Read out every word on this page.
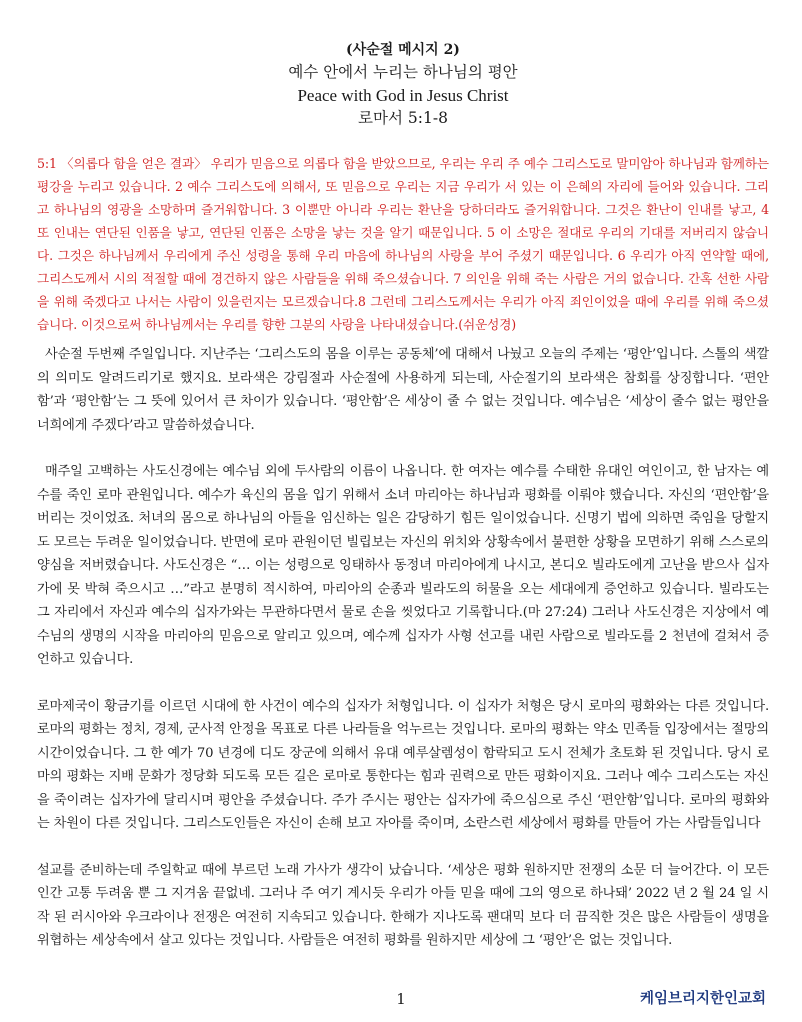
(사순절 메시지 2)
예수 안에서 누리는 하나님의 평안
Peace with God in Jesus Christ
로마서 5:1-8
5:1 〈의롭다 함을 얻은 결과〉 우리가 믿음으로 의롭다 함을 받았으므로, 우리는 우리 주 예수 그리스도로 말미암아 하나님과 함께하는 평강을 누리고 있습니다. 2 예수 그리스도에 의해서, 또 믿음으로 우리는 지금 우리가 서 있는 이 은혜의 자리에 들어와 있습니다. 그리고 하나님의 영광을 소망하며 즐거워합니다. 3 이뿐만 아니라 우리는 환난을 당하더라도 즐거워합니다. 그것은 환난이 인내를 낳고, 4 또 인내는 연단된 인품을 낳고, 연단된 인품은 소망을 낳는 것을 알기 때문입니다. 5 이 소망은 절대로 우리의 기대를 저버리지 않습니다. 그것은 하나님께서 우리에게 주신 성령을 통해 우리 마음에 하나님의 사랑을 부어 주셨기 때문입니다. 6 우리가 아직 연약할 때에, 그리스도께서 시의 적절할 때에 경건하지 않은 사람들을 위해 죽으셨습니다. 7 의인을 위해 죽는 사람은 거의 없습니다. 간혹 선한 사람을 위해 죽겠다고 나서는 사람이 있을런지는 모르겠습니다.8 그런데 그리스도께서는 우리가 아직 죄인이었을 때에 우리를 위해 죽으셨습니다. 이것으로써 하나님께서는 우리를 향한 그분의 사랑을 나타내셨습니다.(쉬운성경)

사순절 두번째 주일입니다. 지난주는 ‘그리스도의 몸을 이루는 공동체’에 대해서 나눴고 오늘의 주제는 ‘평안’입니다. 스톨의 색깔의 의미도 알려드리기로 했지요. 보라색은 강림절과 사순절에 사용하게 되는데, 사순절기의 보라색은 참회를 상징합니다. ‘편안함’과 ‘평안함’는 그 뜻에 있어서 큰 차이가 있습니다. ‘평안함’은 세상이 줄 수 없는 것입니다. 예수님은 ‘세상이 줄수 없는 평안을 너희에게 주겠다’라고 말씀하셨습니다.

매주일 고백하는 사도신경에는 예수님 외에 두사람의 이름이 나옵니다. 한 여자는 예수를 수태한 유대인 여인이고, 한 남자는 예수를 죽인 로마 관원입니다. 예수가 육신의 몸을 입기 위해서 소녀 마리아는 하나님과 평화를 이뤄야 했습니다. 자신의 ‘편안함’을 버리는 것이었죠. 처녀의 몸으로 하나님의 아들을 임신하는 일은 감당하기 힘든 일이었습니다. 신명기 법에 의하면 죽임을 당할지도 모르는 두려운 일이었습니다. 반면에 로마 관원이던 빌립보는 자신의 위치와 상황속에서 불편한 상황을 모면하기 위해 스스로의 양심을 저버렸습니다. 사도신경은 “… 이는 성령으로 잉태하사 동정녀 마리아에게 나시고, 본디오 빌라도에게 고난을 받으사 십자가에 못 박혀 죽으시고 …”라고 분명히 적시하여, 마리아의 순종과 빌라도의 허물을 오는 세대에게 증언하고 있습니다. 빌라도는 그 자리에서 자신과 예수의 십자가와는 무관하다면서 물로 손을 씻었다고 기록합니다.(마 27:24) 그러나 사도신경은 지상에서 예수님의 생명의 시작을 마리아의 믿음으로 알리고 있으며, 예수께 십자가 사형 선고를 내린 사람으로 빌라도를 2 천년에 걸쳐서 증언하고 있습니다.

로마제국이 황금기를 이르던 시대에 한 사건이 예수의 십자가 처형입니다. 이 십자가 처형은 당시 로마의 평화와는 다른 것입니다. 로마의 평화는 정치, 경제, 군사적 안정을 목표로 다른 나라들을 억누르는 것입니다. 로마의 평화는 약소 민족들 입장에서는 절망의 시간이었습니다. 그 한 예가 70 년경에 디도 장군에 의해서 유대 예루살렘성이 함락되고 도시 전체가 초토화 된 것입니다. 당시 로마의 평화는 지배 문화가 정당화 되도록 모든 길은 로마로 통한다는 힘과 권력으로 만든 평화이지요. 그러나 예수 그리스도는 자신을 죽이려는 십자가에 달리시며 평안을 주셨습니다. 주가 주시는 평안는 십자가에 죽으심으로 주신 ‘편안함’입니다. 로마의 평화와는 차원이 다른 것입니다. 그리스도인들은 자신이 손해 보고 자아를 죽이며, 소란스런 세상에서 평화를 만들어 가는 사람들입니다

설교를 준비하는데 주일학교 때에 부르던 노래 가사가 생각이 났습니다. ‘세상은 평화 원하지만 전쟁의 소문 더 늘어간다. 이 모든 인간 고통 두려움 뿐 그 지겨움 끝없네. 그러나 주 여기 계시듯 우리가 아들 믿을 때에 그의 영으로 하나돼’ 2022 년 2 월 24 일 시작 된 러시아와 우크라이나 전쟁은 여전히 지속되고 있습니다. 한해가 지나도록 팬대믹 보다 더 끔직한 것은 많은 사람들이 생명을 위협하는 세상속에서 살고 있다는 것입니다. 사람들은 여전히 평화를 원하지만 세상에 그 ‘평안’은 없는 것입니다.

1	케임브리지한인교회
